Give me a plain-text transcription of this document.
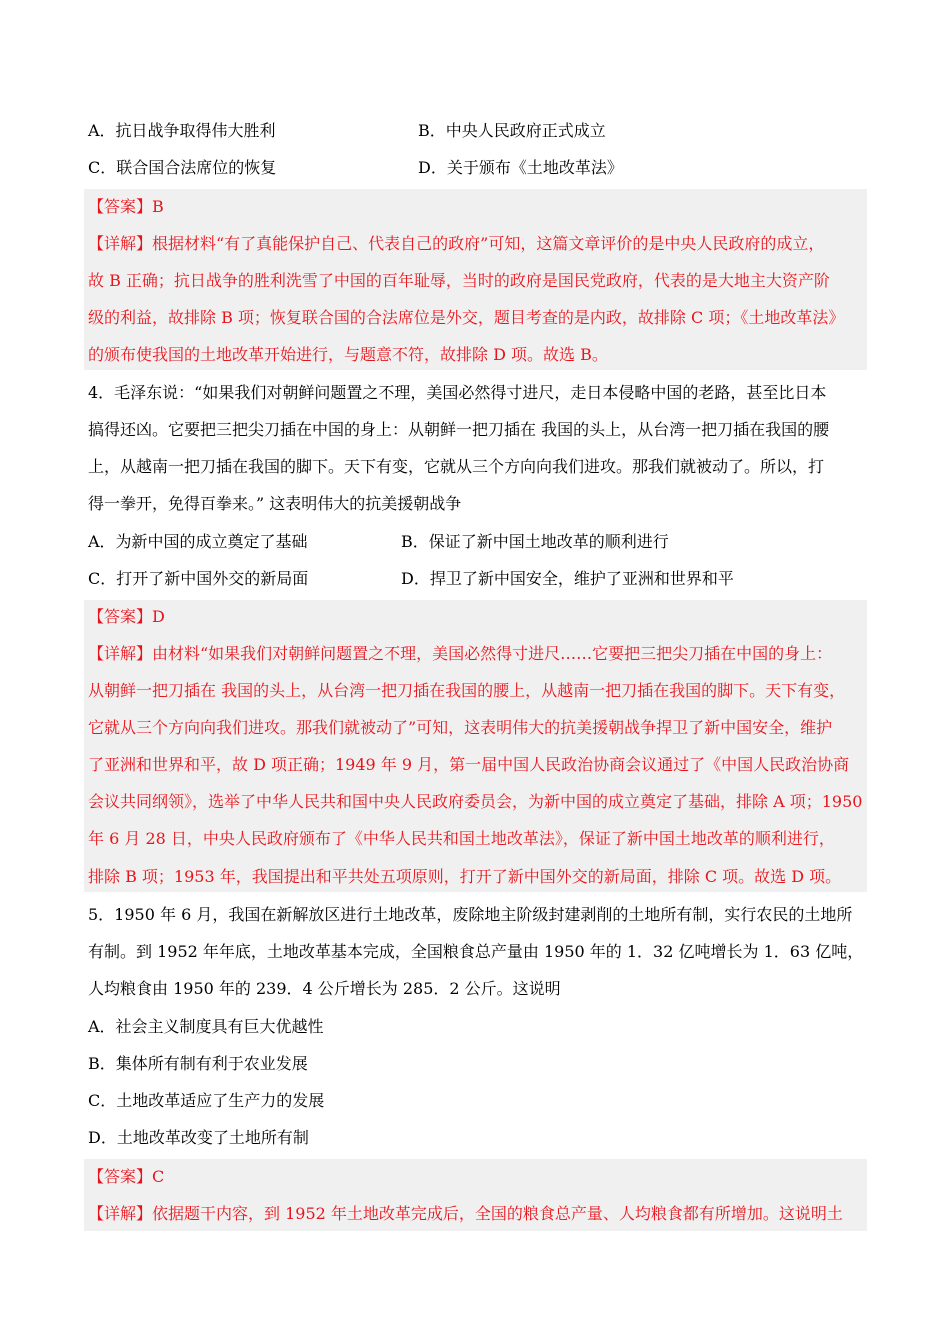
A．抗日战争取得伟大胜利	B．中央人民政府正式成立
C．联合国合法席位的恢复	D．关于颁布《土地改革法》
【答案】B
【详解】根据材料“有了真能保护自己、代表自己的政府”可知，这篇文章评价的是中央人民政府的成立，
故 B 正确；抗日战争的胜利洗雪了中国的百年耻辱，当时的政府是国民党政府，代表的是大地主大资产阶
级的利益，故排除 B 项；恢复联合国的合法席位是外交，题目考查的是内政，故排除 C 项；《土地改革法》
的颁布使我国的土地改革开始进行，与题意不符，故排除 D 项。故选 B。
4．毛泽东说：“如果我们对朝鲜问题置之不理，美国必然得寸进尺，走日本侵略中国的老路，甚至比日本
搞得还凶。它要把三把尖刀插在中国的身上：从朝鲜一把刀插在 我国的头上，从台湾一把刀插在我国的腰
上，从越南一把刀插在我国的脚下。天下有变，它就从三个方向向我们进攻。那我们就被动了。所以，打
得一拳开，免得百拳来。” 这表明伟大的抗美援朝战争
A．为新中国的成立奠定了基础	B．保证了新中国土地改革的顺利进行
C．打开了新中国外交的新局面	D．捍卫了新中国安全，维护了亚洲和世界和平
【答案】D
【详解】由材料“如果我们对朝鲜问题置之不理，美国必然得寸进尺……它要把三把尖刀插在中国的身上：
从朝鲜一把刀插在 我国的头上，从台湾一把刀插在我国的腰上，从越南一把刀插在我国的脚下。天下有变，
它就从三个方向向我们进攻。那我们就被动了”可知，这表明伟大的抗美援朝战争捍卫了新中国安全，维护
了亚洲和世界和平，故 D 项正确；1949 年 9 月，第一届中国人民政治协商会议通过了《中国人民政治协商
会议共同纲领》，选举了中华人民共和国中央人民政府委员会，为新中国的成立奠定了基础，排除 A 项；1950
年 6 月 28 日，中央人民政府颁布了《中华人民共和国土地改革法》，保证了新中国土地改革的顺利进行，
排除 B 项；1953 年，我国提出和平共处五项原则，打开了新中国外交的新局面，排除 C 项。故选 D 项。
5．1950 年 6 月，我国在新解放区进行土地改革，废除地主阶级封建剥削的土地所有制，实行农民的土地所
有制。到 1952 年年底，土地改革基本完成，全国粮食总产量由 1950 年的 1．32 亿吨增长为 1．63 亿吨，
人均粮食由 1950 年的 239．4 公斤增长为 285．2 公斤。这说明
A．社会主义制度具有巨大优越性
B．集体所有制有利于农业发展
C．土地改革适应了生产力的发展
D．土地改革改变了土地所有制
【答案】C
【详解】依据题干内容，到 1952 年土地改革完成后，全国的粮食总产量、人均粮食都有所增加。这说明土
